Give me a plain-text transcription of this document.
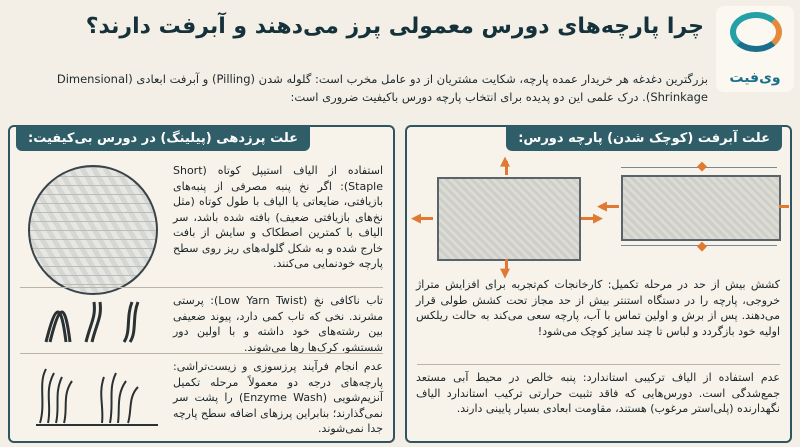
وی‌فیت
چرا پارچه‌های دورس معمولی پرز می‌دهند و آبرفت دارند؟
بزرگترین دغدغه هر خریدار عمده پارچه، شکایت مشتریان از دو عامل مخرب است: گلوله شدن (Pilling) و آبرفت ابعادی (Dimensional Shrinkage). درک علمی این دو پدیده برای انتخاب پارچه دورس باکیفیت ضروری است:
علت آبرفت (کوچک شدن) پارچه دورس:
◀
◆
◆
◀	▶
▲
▼
کشش بیش از حد در مرحله تکمیل: کارخانجات کم‌تجربه برای افزایش متراژ خروجی، پارچه را در دستگاه استنتر بیش از حد مجاز تحت کشش طولی قرار می‌دهند. پس از برش و اولین تماس با آب، پارچه سعی می‌کند به حالت ریلکس اولیه خود بازگردد و لباس تا چند سایز کوچک می‌شود!
عدم استفاده از الیاف ترکیبی استاندارد: پنبه خالص در محیط آبی مستعد جمع‌شدگی است. دورس‌هایی که فاقد تثبیت حرارتی ترکیب استاندارد الیاف نگهدارنده (پلی‌استر مرغوب) هستند، مقاومت ابعادی بسیار پایینی دارند.
علت پرزدهی (پیلینگ) در دورس بی‌کیفیت:
استفاده از الیاف استیپل کوتاه (Short Staple): اگر نخ پنبه مصرفی از پنبه‌های بازیافتی، ضایعاتی یا الیاف با طول کوتاه (مثل نخ‌های بازیافتی ضعیف) بافته شده باشد، سر الیاف با کمترین اصطکاک و سایش از بافت خارج شده و به شکل گلوله‌های ریز روی سطح پارچه خودنمایی می‌کنند.
تاب ناکافی نخ (Low Yarn Twist): پرستی مشرند. نخی که تاب کمی دارد، پیوند ضعیفی بین رشته‌های خود داشته و با اولین دور شستشو، کرک‌ها رها می‌شوند.
عدم انجام فرآیند پرزسوزی و زیست‌تراشی: پارچه‌های درجه دو معمولاً مرحله تکمیل آنزیم‌شویی (Enzyme Wash) را پشت سر نمی‌گذارند؛ بنابراین پرزهای اضافه سطح پارچه جدا نمی‌شوند.
